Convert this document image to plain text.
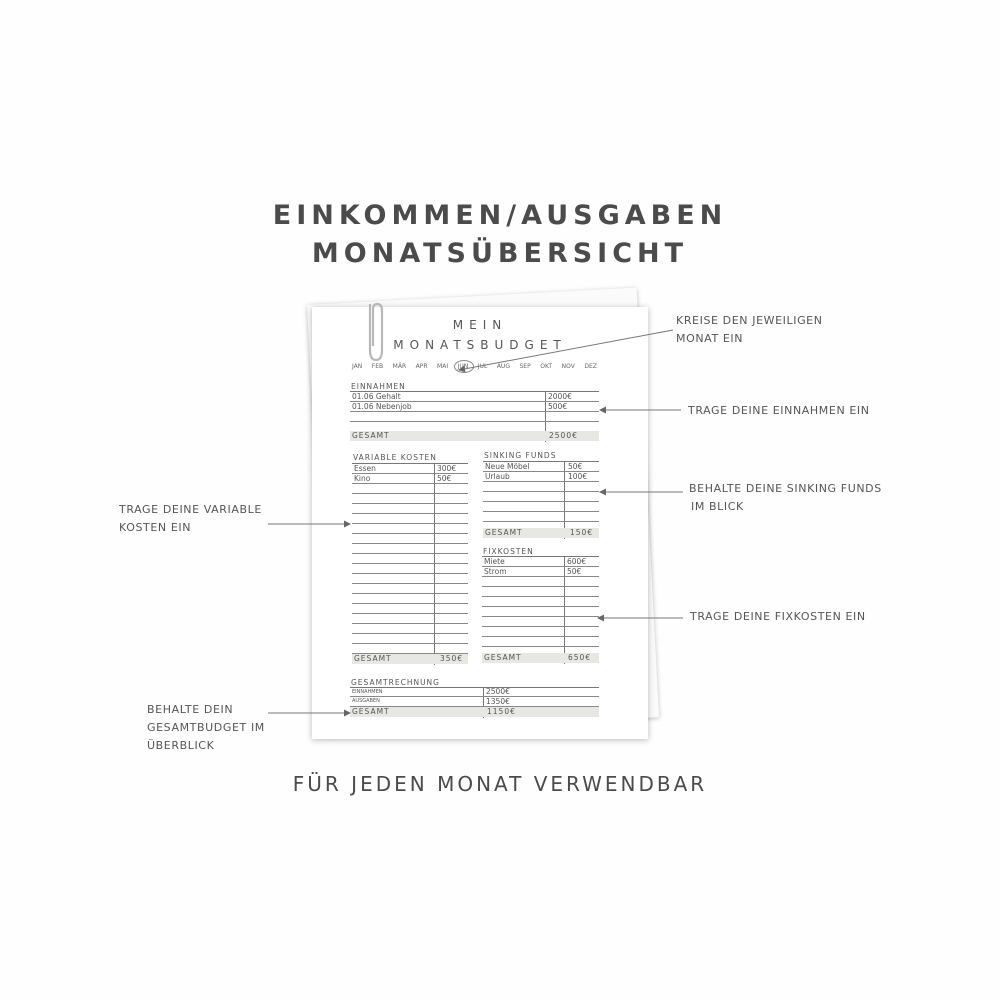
EINKOMMEN/AUSGABEN
MONATSÜBERSICHT
MEIN
MONATSBUDGET
JAN FEB MÄR APR MAI JUN JUL AUG SEP OKT NOV DEZ
EINNAHMEN
01.06 Gehalt	2000€
01.06 Nebenjob	500€
GESAMT	2500€
VARIABLE KOSTEN
Essen	300€
Kino	50€
GESAMT	350€
SINKING FUNDS
Neue Möbel	50€
Urlaub	100€
GESAMT	150€
FIXKOSTEN
Miete	600€
Strom	50€
GESAMT	650€
GESAMTRECHNUNG
EINNAHMEN	2500€
AUSGABEN	1350€
GESAMT	1150€
KREISE DEN JEWEILIGEN
MONAT EIN
TRAGE DEINE EINNAHMEN EIN
BEHALTE DEINE SINKING FUNDS
IM BLICK
TRAGE DEINE FIXKOSTEN EIN
TRAGE DEINE VARIABLE
KOSTEN EIN
BEHALTE DEIN
GESAMTBUDGET IM
ÜBERBLICK
FÜR JEDEN MONAT VERWENDBAR
